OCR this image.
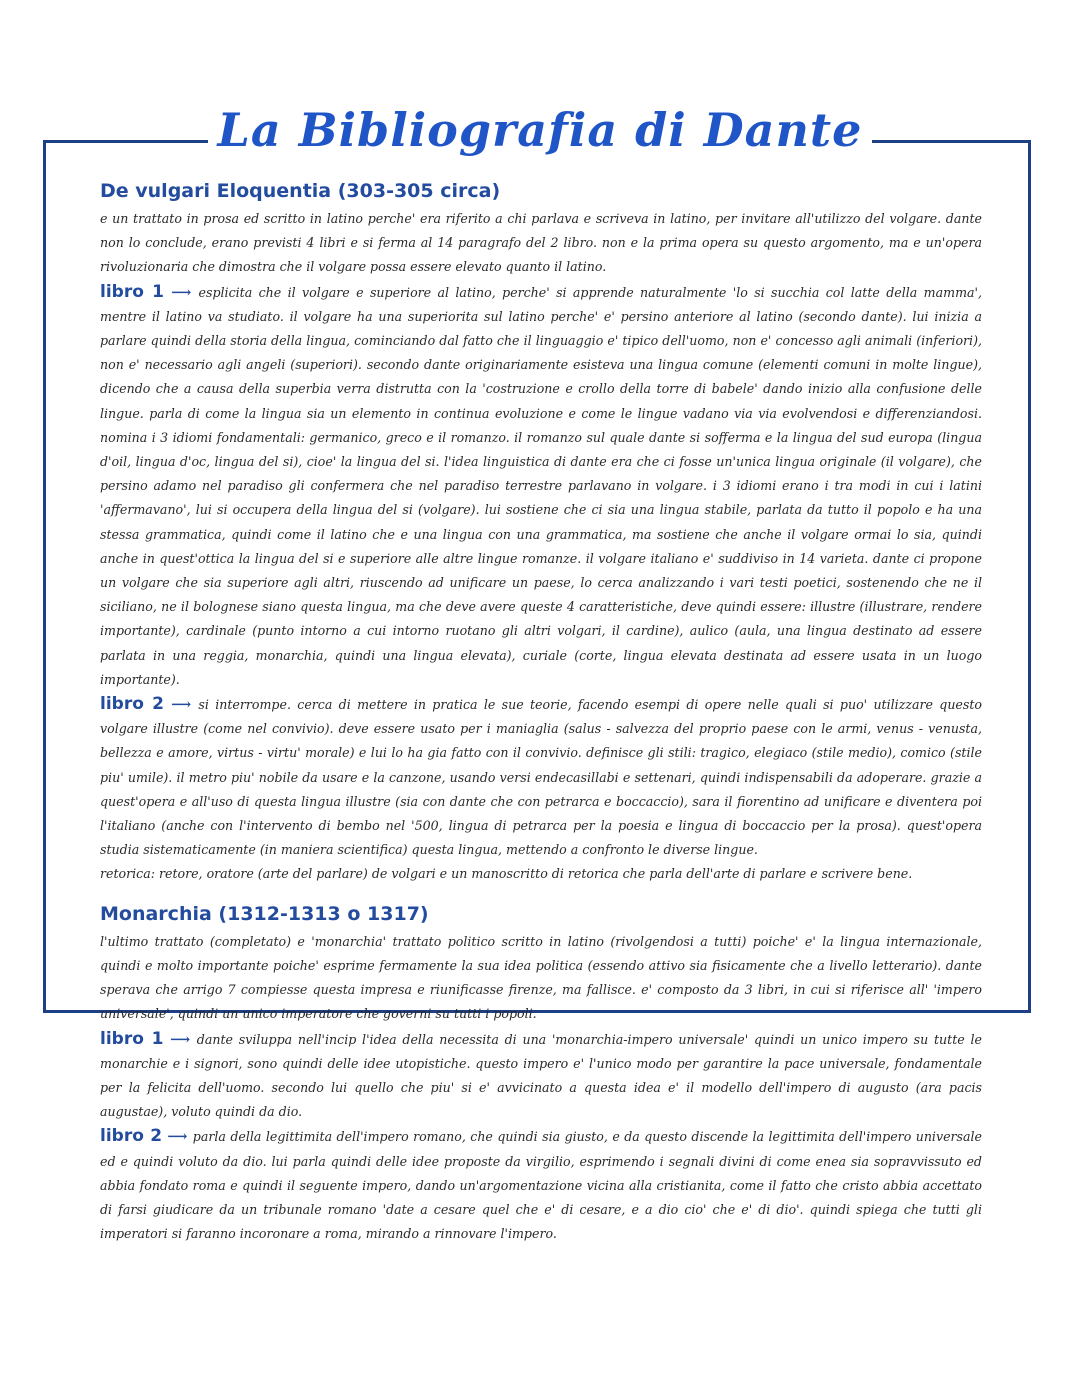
La Bibliografia di Dante
De vulgari Eloquentia (303-305 circa)

e un trattato in prosa ed scritto in latino perche' era riferito a chi parlava e scriveva in latino, per invitare all'utilizzo del volgare. dante non lo conclude, erano previsti 4 libri e si ferma al 14 paragrafo del 2 libro. non e la prima opera su questo argomento, ma e un'opera rivoluzionaria che dimostra che il volgare possa essere elevato quanto il latino.

libro 1 ⟶ esplicita che il volgare e superiore al latino, perche' si apprende naturalmente 'lo si succhia col latte della mamma', mentre il latino va studiato. il volgare ha una superiorita sul latino perche' e' persino anteriore al latino (secondo dante). lui inizia a parlare quindi della storia della lingua, cominciando dal fatto che il linguaggio e' tipico dell'uomo, non e' concesso agli animali (inferiori), non e' necessario agli angeli (superiori). secondo dante originariamente esisteva una lingua comune (elementi comuni in molte lingue), dicendo che a causa della superbia verra distrutta con la 'costruzione e crollo della torre di babele' dando inizio alla confusione delle lingue. parla di come la lingua sia un elemento in continua evoluzione e come le lingue vadano via via evolvendosi e differenziandosi. nomina i 3 idiomi fondamentali: germanico, greco e il romanzo. il romanzo sul quale dante si sofferma e la lingua del sud europa (lingua d'oil, lingua d'oc, lingua del si), cioe' la lingua del si. l'idea linguistica di dante era che ci fosse un'unica lingua originale (il volgare), che persino adamo nel paradiso gli confermera che nel paradiso terrestre parlavano in volgare. i 3 idiomi erano i tra modi in cui i latini 'affermavano', lui si occupera della lingua del si (volgare). lui sostiene che ci sia una lingua stabile, parlata da tutto il popolo e ha una stessa grammatica, quindi come il latino che e una lingua con una grammatica, ma sostiene che anche il volgare ormai lo sia, quindi anche in quest'ottica la lingua del si e superiore alle altre lingue romanze. il volgare italiano e' suddiviso in 14 varieta. dante ci propone un volgare che sia superiore agli altri, riuscendo ad unificare un paese, lo cerca analizzando i vari testi poetici, sostenendo che ne il siciliano, ne il bolognese siano questa lingua, ma che deve avere queste 4 caratteristiche, deve quindi essere: illustre (illustrare, rendere importante), cardinale (punto intorno a cui intorno ruotano gli altri volgari, il cardine), aulico (aula, una lingua destinato ad essere parlata in una reggia, monarchia, quindi una lingua elevata), curiale (corte, lingua elevata destinata ad essere usata in un luogo importante).

libro 2 ⟶ si interrompe. cerca di mettere in pratica le sue teorie, facendo esempi di opere nelle quali si puo' utilizzare questo volgare illustre (come nel convivio). deve essere usato per i maniaglia (salus - salvezza del proprio paese con le armi, venus - venusta, bellezza e amore, virtus - virtu' morale) e lui lo ha gia fatto con il convivio. definisce gli stili: tragico, elegiaco (stile medio), comico (stile piu' umile). il metro piu' nobile da usare e la canzone, usando versi endecasillabi e settenari, quindi indispensabili da adoperare. grazie a quest'opera e all'uso di questa lingua illustre (sia con dante che con petrarca e boccaccio), sara il fiorentino ad unificare e diventera poi l'italiano (anche con l'intervento di bembo nel '500, lingua di petrarca per la poesia e lingua di boccaccio per la prosa). quest'opera studia sistematicamente (in maniera scientifica) questa lingua, mettendo a confronto le diverse lingue.

retorica: retore, oratore (arte del parlare) de volgari e un manoscritto di retorica che parla dell'arte di parlare e scrivere bene.

Monarchia (1312-1313 o 1317)

l'ultimo trattato (completato) e 'monarchia' trattato politico scritto in latino (rivolgendosi a tutti) poiche' e' la lingua internazionale, quindi e molto importante poiche' esprime fermamente la sua idea politica (essendo attivo sia fisicamente che a livello letterario). dante sperava che arrigo 7 compiesse questa impresa e riunificasse firenze, ma fallisce. e' composto da 3 libri, in cui si riferisce all' 'impero universale', quindi un unico imperatore che governi su tutti i popoli.

libro 1 ⟶ dante sviluppa nell'incip l'idea della necessita di una 'monarchia-impero universale' quindi un unico impero su tutte le monarchie e i signori, sono quindi delle idee utopistiche. questo impero e' l'unico modo per garantire la pace universale, fondamentale per la felicita dell'uomo. secondo lui quello che piu' si e' avvicinato a questa idea e' il modello dell'impero di augusto (ara pacis augustae), voluto quindi da dio.

libro 2 ⟶ parla della legittimita dell'impero romano, che quindi sia giusto, e da questo discende la legittimita dell'impero universale ed e quindi voluto da dio. lui parla quindi delle idee proposte da virgilio, esprimendo i segnali divini di come enea sia sopravvissuto ed abbia fondato roma e quindi il seguente impero, dando un'argomentazione vicina alla cristianita, come il fatto che cristo abbia accettato di farsi giudicare da un tribunale romano 'date a cesare quel che e' di cesare, e a dio cio' che e' di dio'. quindi spiega che tutti gli imperatori si faranno incoronare a roma, mirando a rinnovare l'impero.
